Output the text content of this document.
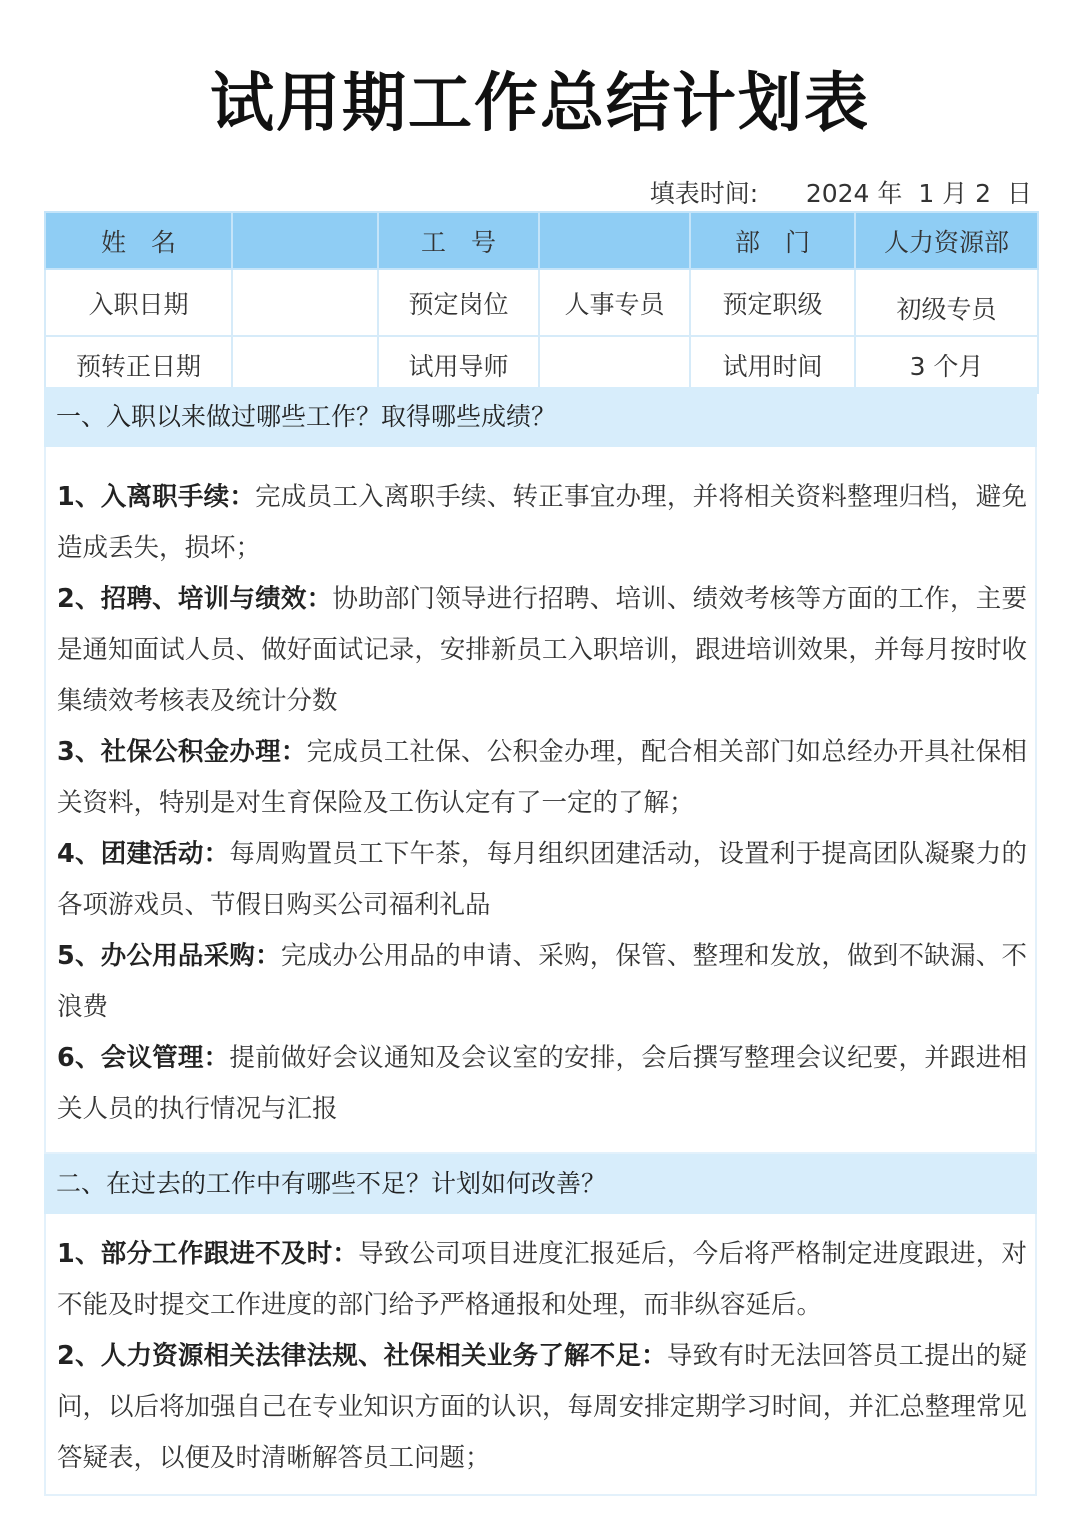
试用期工作总结计划表
填表时间: 2024 年 1 月 2 日
姓　名		工　号		部　门	人力资源部
入职日期		预定岗位	人事专员	预定职级	初级专员
预转正日期		试用导师		试用时间	3 个月
一、入职以来做过哪些工作？取得哪些成绩？

1、入离职手续：完成员工入离职手续、转正事宜办理，并将相关资料整理归档，避免造成丢失，损坏；

2、招聘、培训与绩效：协助部门领导进行招聘、培训、绩效考核等方面的工作，主要是通知面试人员、做好面试记录，安排新员工入职培训，跟进培训效果，并每月按时收集绩效考核表及统计分数

3、社保公积金办理：完成员工社保、公积金办理，配合相关部门如总经办开具社保相关资料，特别是对生育保险及工伤认定有了一定的了解；

4、团建活动：每周购置员工下午茶，每月组织团建活动，设置利于提高团队凝聚力的各项游戏员、节假日购买公司福利礼品

5、办公用品采购：完成办公用品的申请、采购，保管、整理和发放，做到不缺漏、不浪费

6、会议管理：提前做好会议通知及会议室的安排，会后撰写整理会议纪要，并跟进相关人员的执行情况与汇报

二、在过去的工作中有哪些不足？计划如何改善？

1、部分工作跟进不及时：导致公司项目进度汇报延后，今后将严格制定进度跟进，对不能及时提交工作进度的部门给予严格通报和处理，而非纵容延后。

2、人力资源相关法律法规、社保相关业务了解不足：导致有时无法回答员工提出的疑问，以后将加强自己在专业知识方面的认识，每周安排定期学习时间，并汇总整理常见答疑表，以便及时清晰解答员工问题；
